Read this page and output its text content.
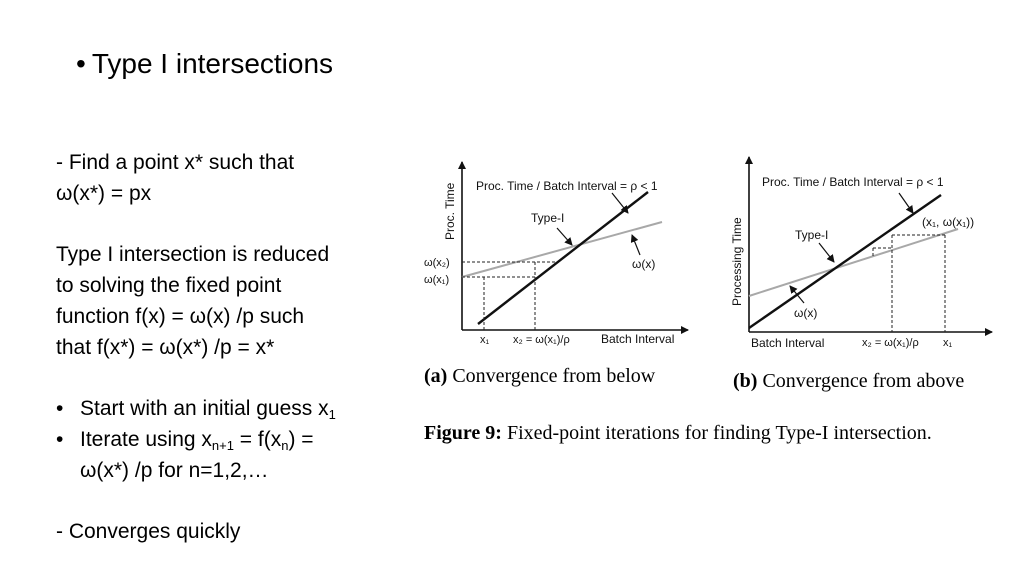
• Type I intersections
- Find a point x* such that
ω(x*) = px
Type I intersection is reduced
to solving the fixed point
function f(x) = ω(x) /p such
that f(x*) = ω(x*) /p = x*
• Start with an initial guess $x_1$
• Iterate using $x_{n+1} = f(x_n)$ =
ω(x*) /p for n=1,2,…
- Converges quickly
Proc. Time Proc. Time / Batch Interval = ρ < 1
Type-I
ω(x)
ω(x₂)
ω(x₁)
x₁ x₂ = ω(x₁)/ρ	Batch Interval
Processing Time
Proc. Time / Batch Interval = ρ < 1
(x₁, ω(x₁))
Type-I
ω(x)
Batch Interval	x₂ = ω(x₁)/ρ x₁
(a) Convergence from below	(b) Convergence from above
Figure 9: Fixed-point iterations for finding Type-I intersection.
